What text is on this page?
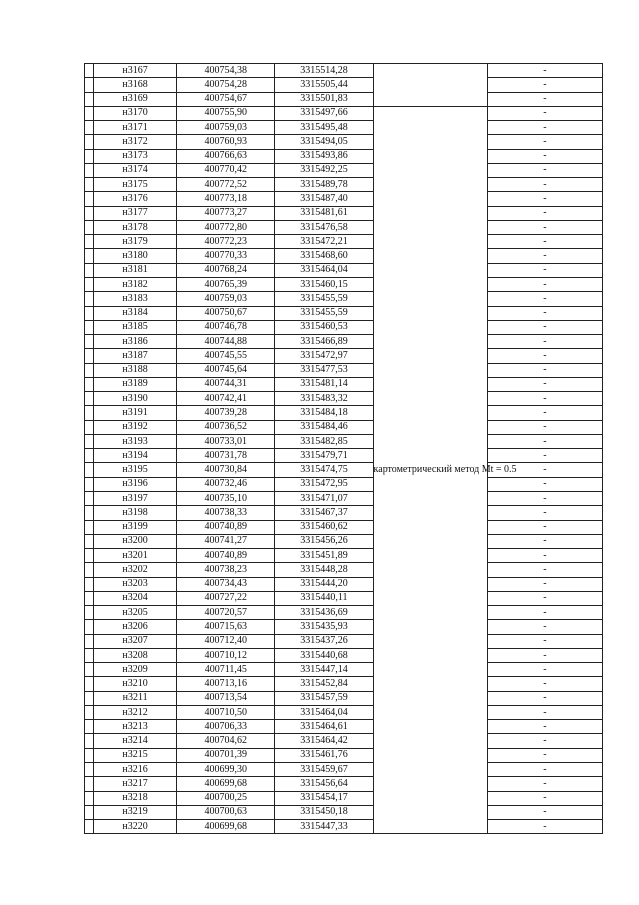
	н3167	400754,38	3315514,28		-
	н3168	400754,28	3315505,44		-
	н3169	400754,67	3315501,83		-
	н3170	400755,90	3315497,66	картометрический метод Mt = 0.5	-
	н3171	400759,03	3315495,48		-
	н3172	400760,93	3315494,05		-
	н3173	400766,63	3315493,86		-
	н3174	400770,42	3315492,25		-
	н3175	400772,52	3315489,78		-
	н3176	400773,18	3315487,40		-
	н3177	400773,27	3315481,61		-
	н3178	400772,80	3315476,58		-
	н3179	400772,23	3315472,21		-
	н3180	400770,33	3315468,60		-
	н3181	400768,24	3315464,04		-
	н3182	400765,39	3315460,15		-
	н3183	400759,03	3315455,59		-
	н3184	400750,67	3315455,59		-
	н3185	400746,78	3315460,53		-
	н3186	400744,88	3315466,89		-
	н3187	400745,55	3315472,97		-
	н3188	400745,64	3315477,53		-
	н3189	400744,31	3315481,14		-
	н3190	400742,41	3315483,32		-
	н3191	400739,28	3315484,18		-
	н3192	400736,52	3315484,46		-
	н3193	400733,01	3315482,85		-
	н3194	400731,78	3315479,71		-
	н3195	400730,84	3315474,75		-
	н3196	400732,46	3315472,95		-
	н3197	400735,10	3315471,07		-
	н3198	400738,33	3315467,37		-
	н3199	400740,89	3315460,62		-
	н3200	400741,27	3315456,26		-
	н3201	400740,89	3315451,89		-
	н3202	400738,23	3315448,28		-
	н3203	400734,43	3315444,20		-
	н3204	400727,22	3315440,11		-
	н3205	400720,57	3315436,69		-
	н3206	400715,63	3315435,93		-
	н3207	400712,40	3315437,26		-
	н3208	400710,12	3315440,68		-
	н3209	400711,45	3315447,14		-
	н3210	400713,16	3315452,84		-
	н3211	400713,54	3315457,59		-
	н3212	400710,50	3315464,04		-
	н3213	400706,33	3315464,61		-
	н3214	400704,62	3315464,42		-
	н3215	400701,39	3315461,76		-
	н3216	400699,30	3315459,67		-
	н3217	400699,68	3315456,64		-
	н3218	400700,25	3315454,17		-
	н3219	400700,63	3315450,18		-
	н3220	400699,68	3315447,33		-
